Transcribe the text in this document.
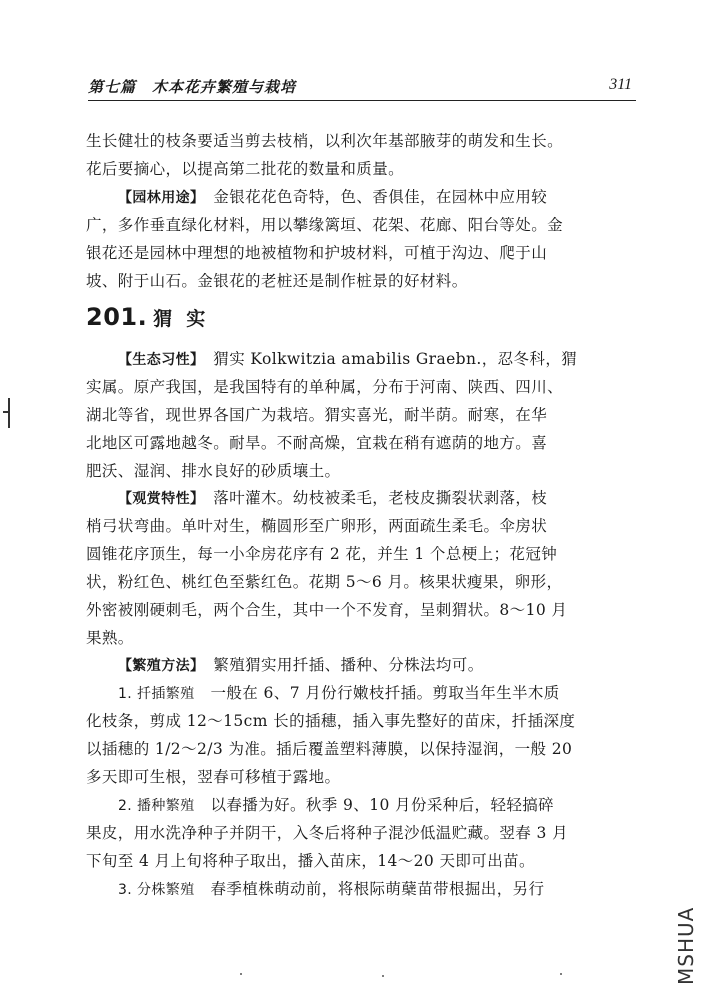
第七篇　木本花卉繁殖与栽培	311
生长健壮的枝条要适当剪去枝梢，以利次年基部腋芽的萌发和生长。
花后要摘心，以提高第二批花的数量和质量。
【园林用途】　金银花花色奇特，色、香俱佳，在园林中应用较
广，多作垂直绿化材料，用以攀缘篱垣、花架、花廊、阳台等处。金
银花还是园林中理想的地被植物和护坡材料，可植于沟边、爬于山
坡、附于山石。金银花的老桩还是制作桩景的好材料。
201. 猬实
【生态习性】　猬实 Kolkwitzia amabilis Graebn.，忍冬科，猬
实属。原产我国，是我国特有的单种属，分布于河南、陕西、四川、
湖北等省，现世界各国广为栽培。猬实喜光，耐半荫。耐寒，在华
北地区可露地越冬。耐旱。不耐高燥，宜栽在稍有遮荫的地方。喜
肥沃、湿润、排水良好的砂质壤土。
【观赏特性】　落叶灌木。幼枝被柔毛，老枝皮撕裂状剥落，枝
梢弓状弯曲。单叶对生，椭圆形至广卵形，两面疏生柔毛。伞房状
圆锥花序顶生，每一小伞房花序有 2 花，并生 1 个总梗上；花冠钟
状，粉红色、桃红色至紫红色。花期 5～6 月。核果状瘦果，卵形，
外密被刚硬刺毛，两个合生，其中一个不发育，呈刺猬状。8～10 月
果熟。
【繁殖方法】　繁殖猬实用扦插、播种、分株法均可。
1. 扦插繁殖　一般在 6、7 月份行嫩枝扦插。剪取当年生半木质
化枝条，剪成 12～15cm 长的插穗，插入事先整好的苗床，扦插深度
以插穗的 1/2～2/3 为准。插后覆盖塑料薄膜，以保持湿润，一般 20
多天即可生根，翌春可移植于露地。
2. 播种繁殖　以春播为好。秋季 9、10 月份采种后，轻轻搞碎
果皮，用水洗净种子并阴干，入冬后将种子混沙低温贮藏。翌春 3 月
下旬至 4 月上旬将种子取出，播入苗床，14～20 天即可出苗。
3. 分株繁殖　春季植株萌动前，将根际萌蘖苗带根掘出，另行
MSHUA
